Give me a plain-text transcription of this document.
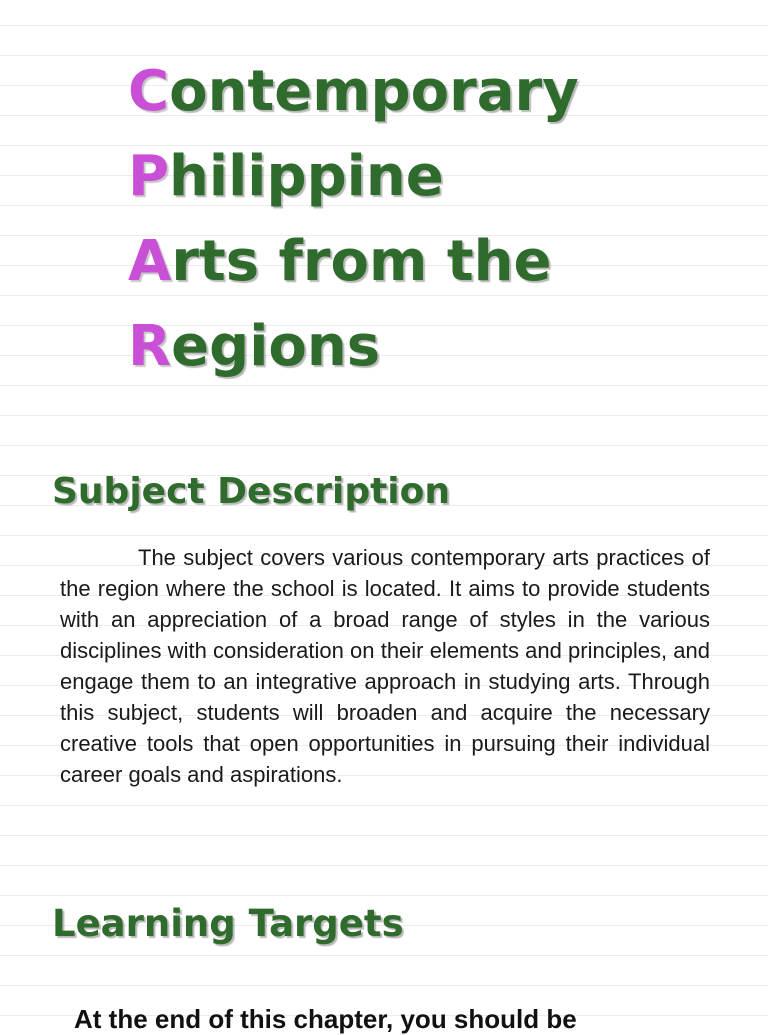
Contemporary
Philippine
Arts from the
Regions
Subject Description

The subject covers various contemporary arts practices of the region where the school is located. It aims to provide students with an appreciation of a broad range of styles in the various disciplines with consideration on their elements and principles, and engage them to an integrative approach in studying arts. Through this subject, students will broaden and acquire the necessary creative tools that open opportunities in pursuing their individual career goals and aspirations.

Learning Targets
At the end of this chapter, you should be
